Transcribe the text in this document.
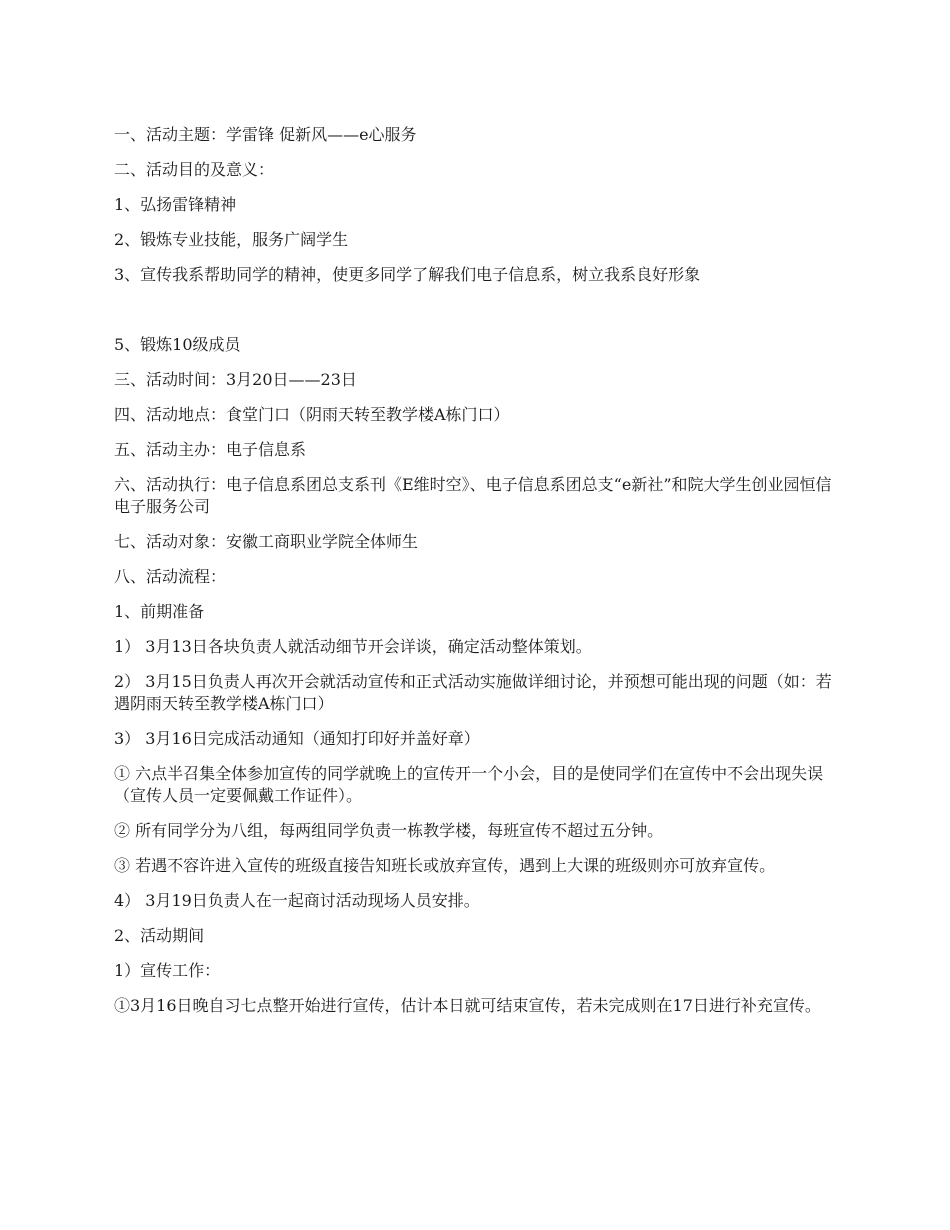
一、活动主题：学雷锋 促新风——e心服务

二、活动目的及意义：

1、弘扬雷锋精神

2、锻炼专业技能，服务广阔学生

3、宣传我系帮助同学的精神，使更多同学了解我们电子信息系，树立我系良好形象

5、锻炼10级成员

三、活动时间：3月20日——23日

四、活动地点：食堂门口（阴雨天转至教学楼A栋门口）

五、活动主办：电子信息系

六、活动执行：电子信息系团总支系刊《E维时空》、电子信息系团总支“e新社”和院大学生创业园恒信电子服务公司

七、活动对象：安徽工商职业学院全体师生

八、活动流程：

1、前期准备

1） 3月13日各块负责人就活动细节开会详谈，确定活动整体策划。

2） 3月15日负责人再次开会就活动宣传和正式活动实施做详细讨论，并预想可能出现的问题（如：若遇阴雨天转至教学楼A栋门口）

3） 3月16日完成活动通知（通知打印好并盖好章）

① 六点半召集全体参加宣传的同学就晚上的宣传开一个小会，目的是使同学们在宣传中不会出现失误（宣传人员一定要佩戴工作证件）。

② 所有同学分为八组，每两组同学负责一栋教学楼，每班宣传不超过五分钟。

③ 若遇不容许进入宣传的班级直接告知班长或放弃宣传，遇到上大课的班级则亦可放弃宣传。

4） 3月19日负责人在一起商讨活动现场人员安排。

2、活动期间

1）宣传工作：

①3月16日晚自习七点整开始进行宣传，估计本日就可结束宣传，若未完成则在17日进行补充宣传。
